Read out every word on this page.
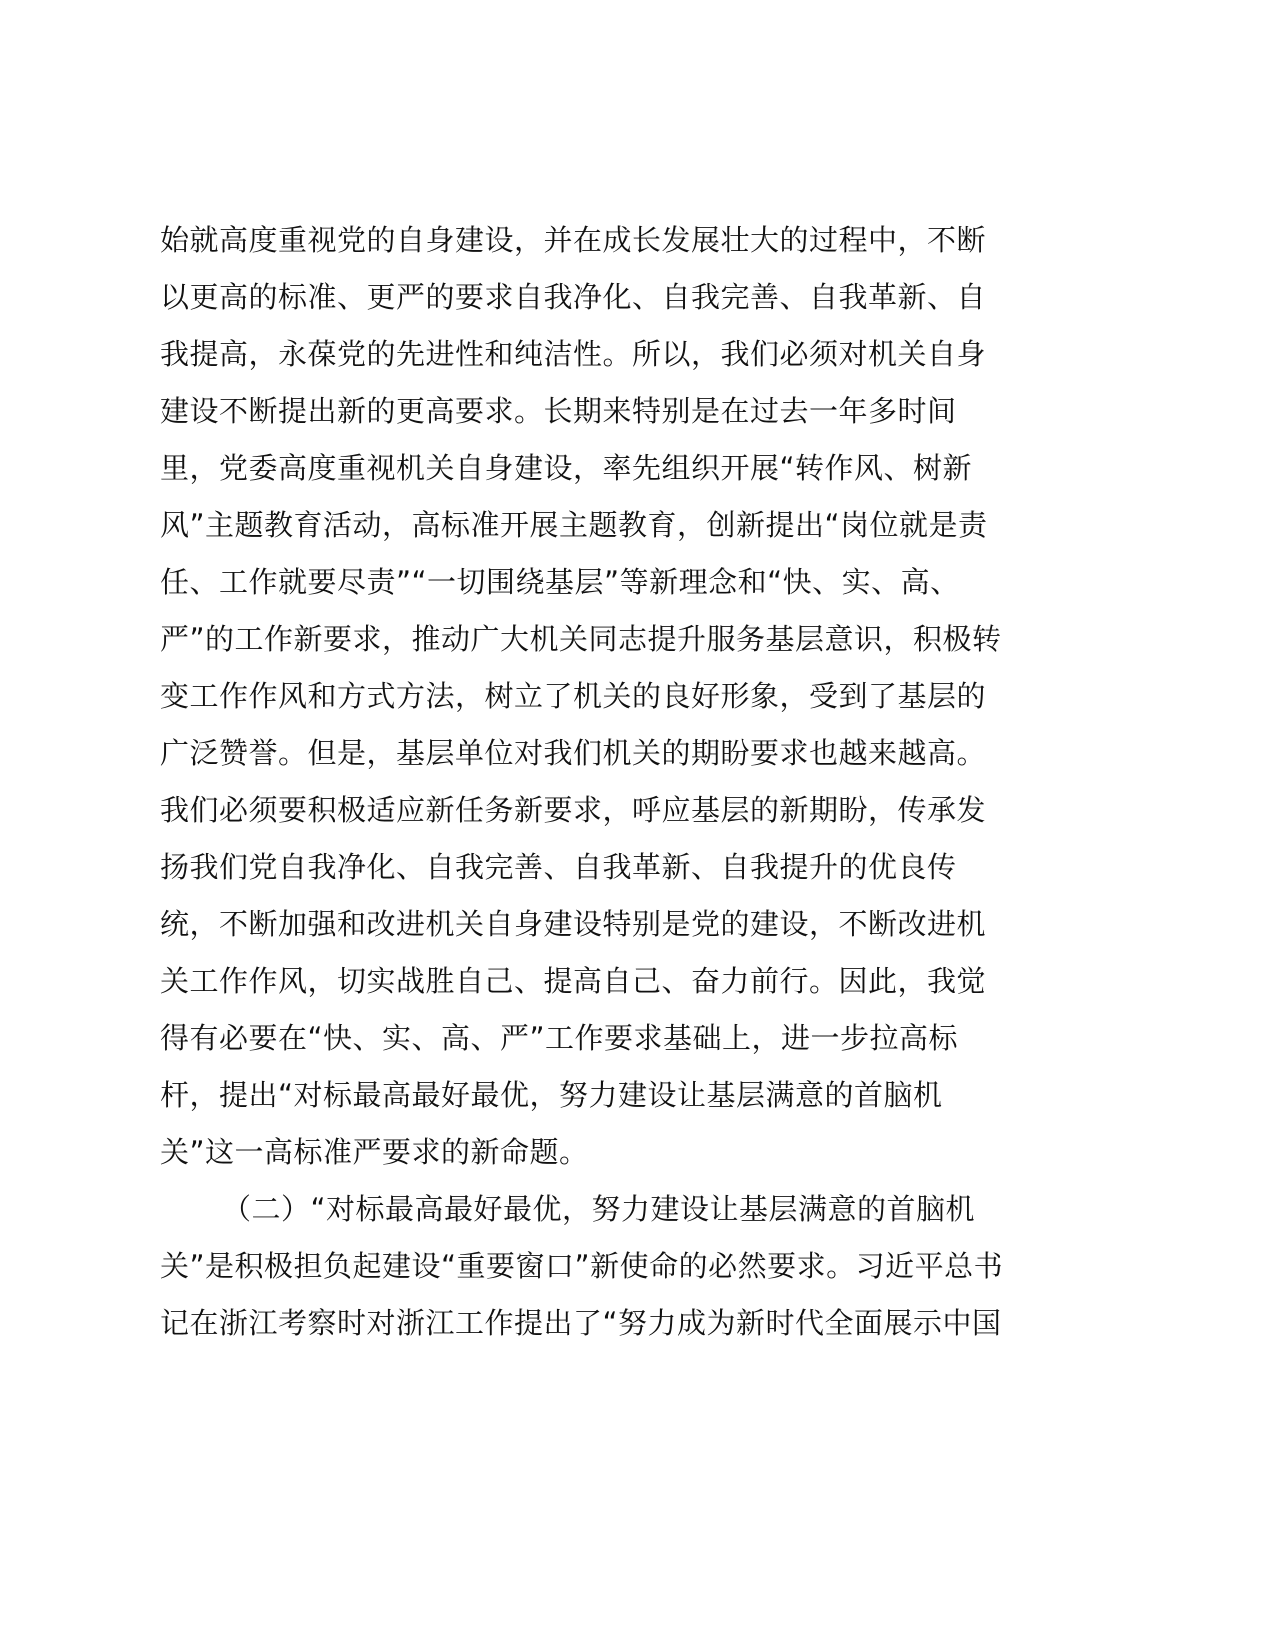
始就高度重视党的自身建设，并在成长发展壮大的过程中，不断
以更高的标准、更严的要求自我净化、自我完善、自我革新、自
我提高，永葆党的先进性和纯洁性。所以，我们必须对机关自身
建设不断提出新的更高要求。长期来特别是在过去一年多时间
里，党委高度重视机关自身建设，率先组织开展“转作风、树新
风”主题教育活动，高标准开展主题教育，创新提出“岗位就是责
任、工作就要尽责”“一切围绕基层”等新理念和“快、实、高、
严”的工作新要求，推动广大机关同志提升服务基层意识，积极转
变工作作风和方式方法，树立了机关的良好形象，受到了基层的
广泛赞誉。但是，基层单位对我们机关的期盼要求也越来越高。
我们必须要积极适应新任务新要求，呼应基层的新期盼，传承发
扬我们党自我净化、自我完善、自我革新、自我提升的优良传
统，不断加强和改进机关自身建设特别是党的建设，不断改进机
关工作作风，切实战胜自己、提高自己、奋力前行。因此，我觉
得有必要在“快、实、高、严”工作要求基础上，进一步拉高标
杆，提出“对标最高最好最优，努力建设让基层满意的首脑机
关”这一高标准严要求的新命题。
（二）“对标最高最好最优，努力建设让基层满意的首脑机
关”是积极担负起建设“重要窗口”新使命的必然要求。习近平总书
记在浙江考察时对浙江工作提出了“努力成为新时代全面展示中国
